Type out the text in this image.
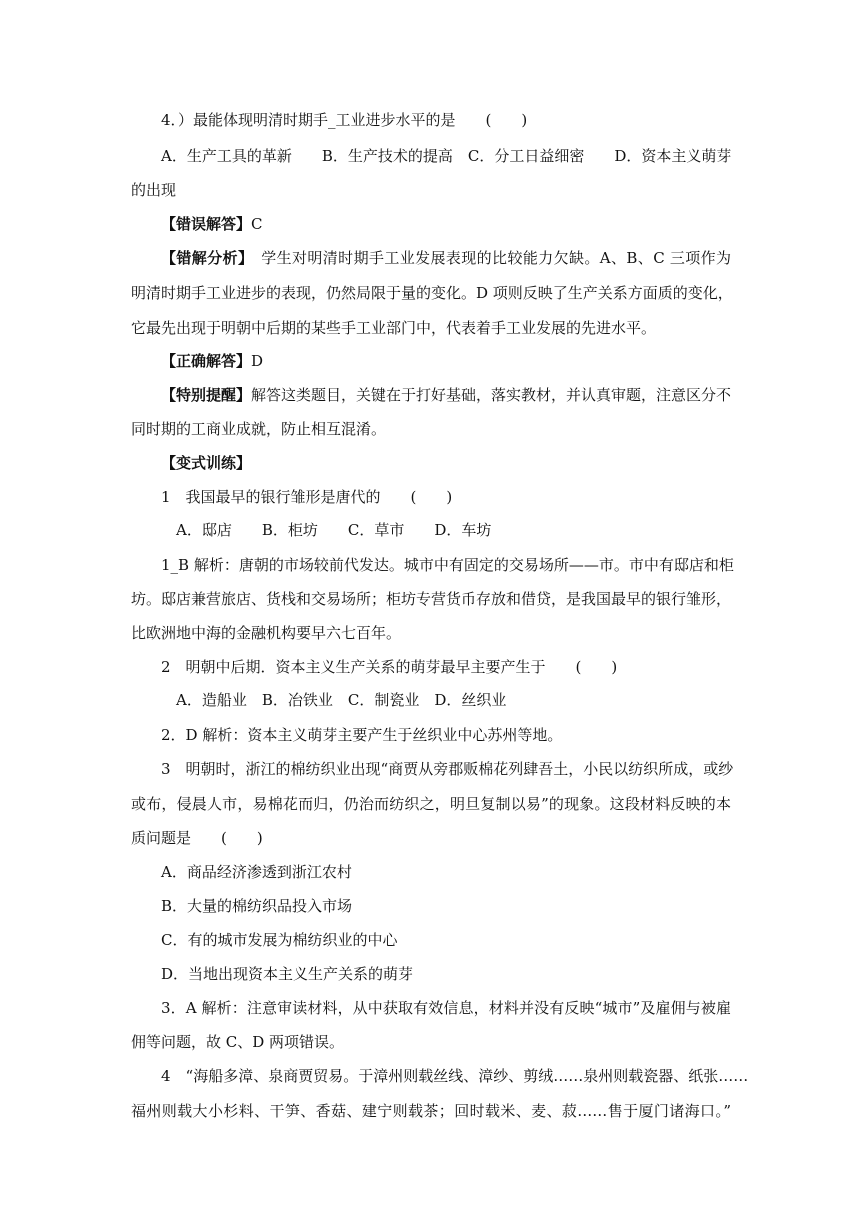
4．）最能体现明清时期手_工业进步水平的是　　(　　)
A．生产工具的革新　　B．生产技术的提高　C．分工日益细密　　D．资本主义萌芽
的出现
【错误解答】C
【错解分析】　学生对明清时期手工业发展表现的比较能力欠缺。A、B、C 三项作为
明清时期手工业进步的表现，仍然局限于量的变化。D 项则反映了生产关系方面质的变化，
它最先出现于明朝中后期的某些手工业部门中，代表着手工业发展的先进水平。
【正确解答】D
【特别提醒】解答这类题目，关键在于打好基础，落实教材，并认真审题，注意区分不
同时期的工商业成就，防止相互混淆。
【变式训练】
1　我国最早的银行雏形是唐代的　　(　　)
A．邸店　　B．柜坊　　C．草市　　D．车坊
1_B 解析：唐朝的市场较前代发达。城市中有固定的交易场所——市。市中有邸店和柜
坊。邸店兼营旅店、货栈和交易场所；柜坊专营货币存放和借贷，是我国最早的银行雏形，
比欧洲地中海的金融机构要早六七百年。
2　明朝中后期．资本主义生产关系的萌芽最早主要产生于　　(　　)
A．造船业　B．冶铁业　C．制瓷业　D．丝织业
2．D 解析：资本主义萌芽主要产生于丝织业中心苏州等地。
3　明朝时，浙江的棉纺织业出现“商贾从旁郡贩棉花列肆吾土，小民以纺织所成，或纱
或布，侵晨人市，易棉花而归，仍治而纺织之，明旦复制以易”的现象。这段材料反映的本
质问题是　　(　　)
A．商品经济渗透到浙江农村
B．大量的棉纺织品投入市场
C．有的城市发展为棉纺织业的中心
D．当地出现资本主义生产关系的萌芽
3．A 解析：注意审读材料，从中获取有效信息，材料并没有反映“城市”及雇佣与被雇
佣等问题，故 C、D 两项错误。
4　“海船多漳、泉商贾贸易。于漳州则载丝线、漳纱、剪绒……泉州则载瓷器、纸张……
福州则载大小杉料、干笋、香菇、建宁则载茶；回时载米、麦、菽……售于厦门诸海口。”
